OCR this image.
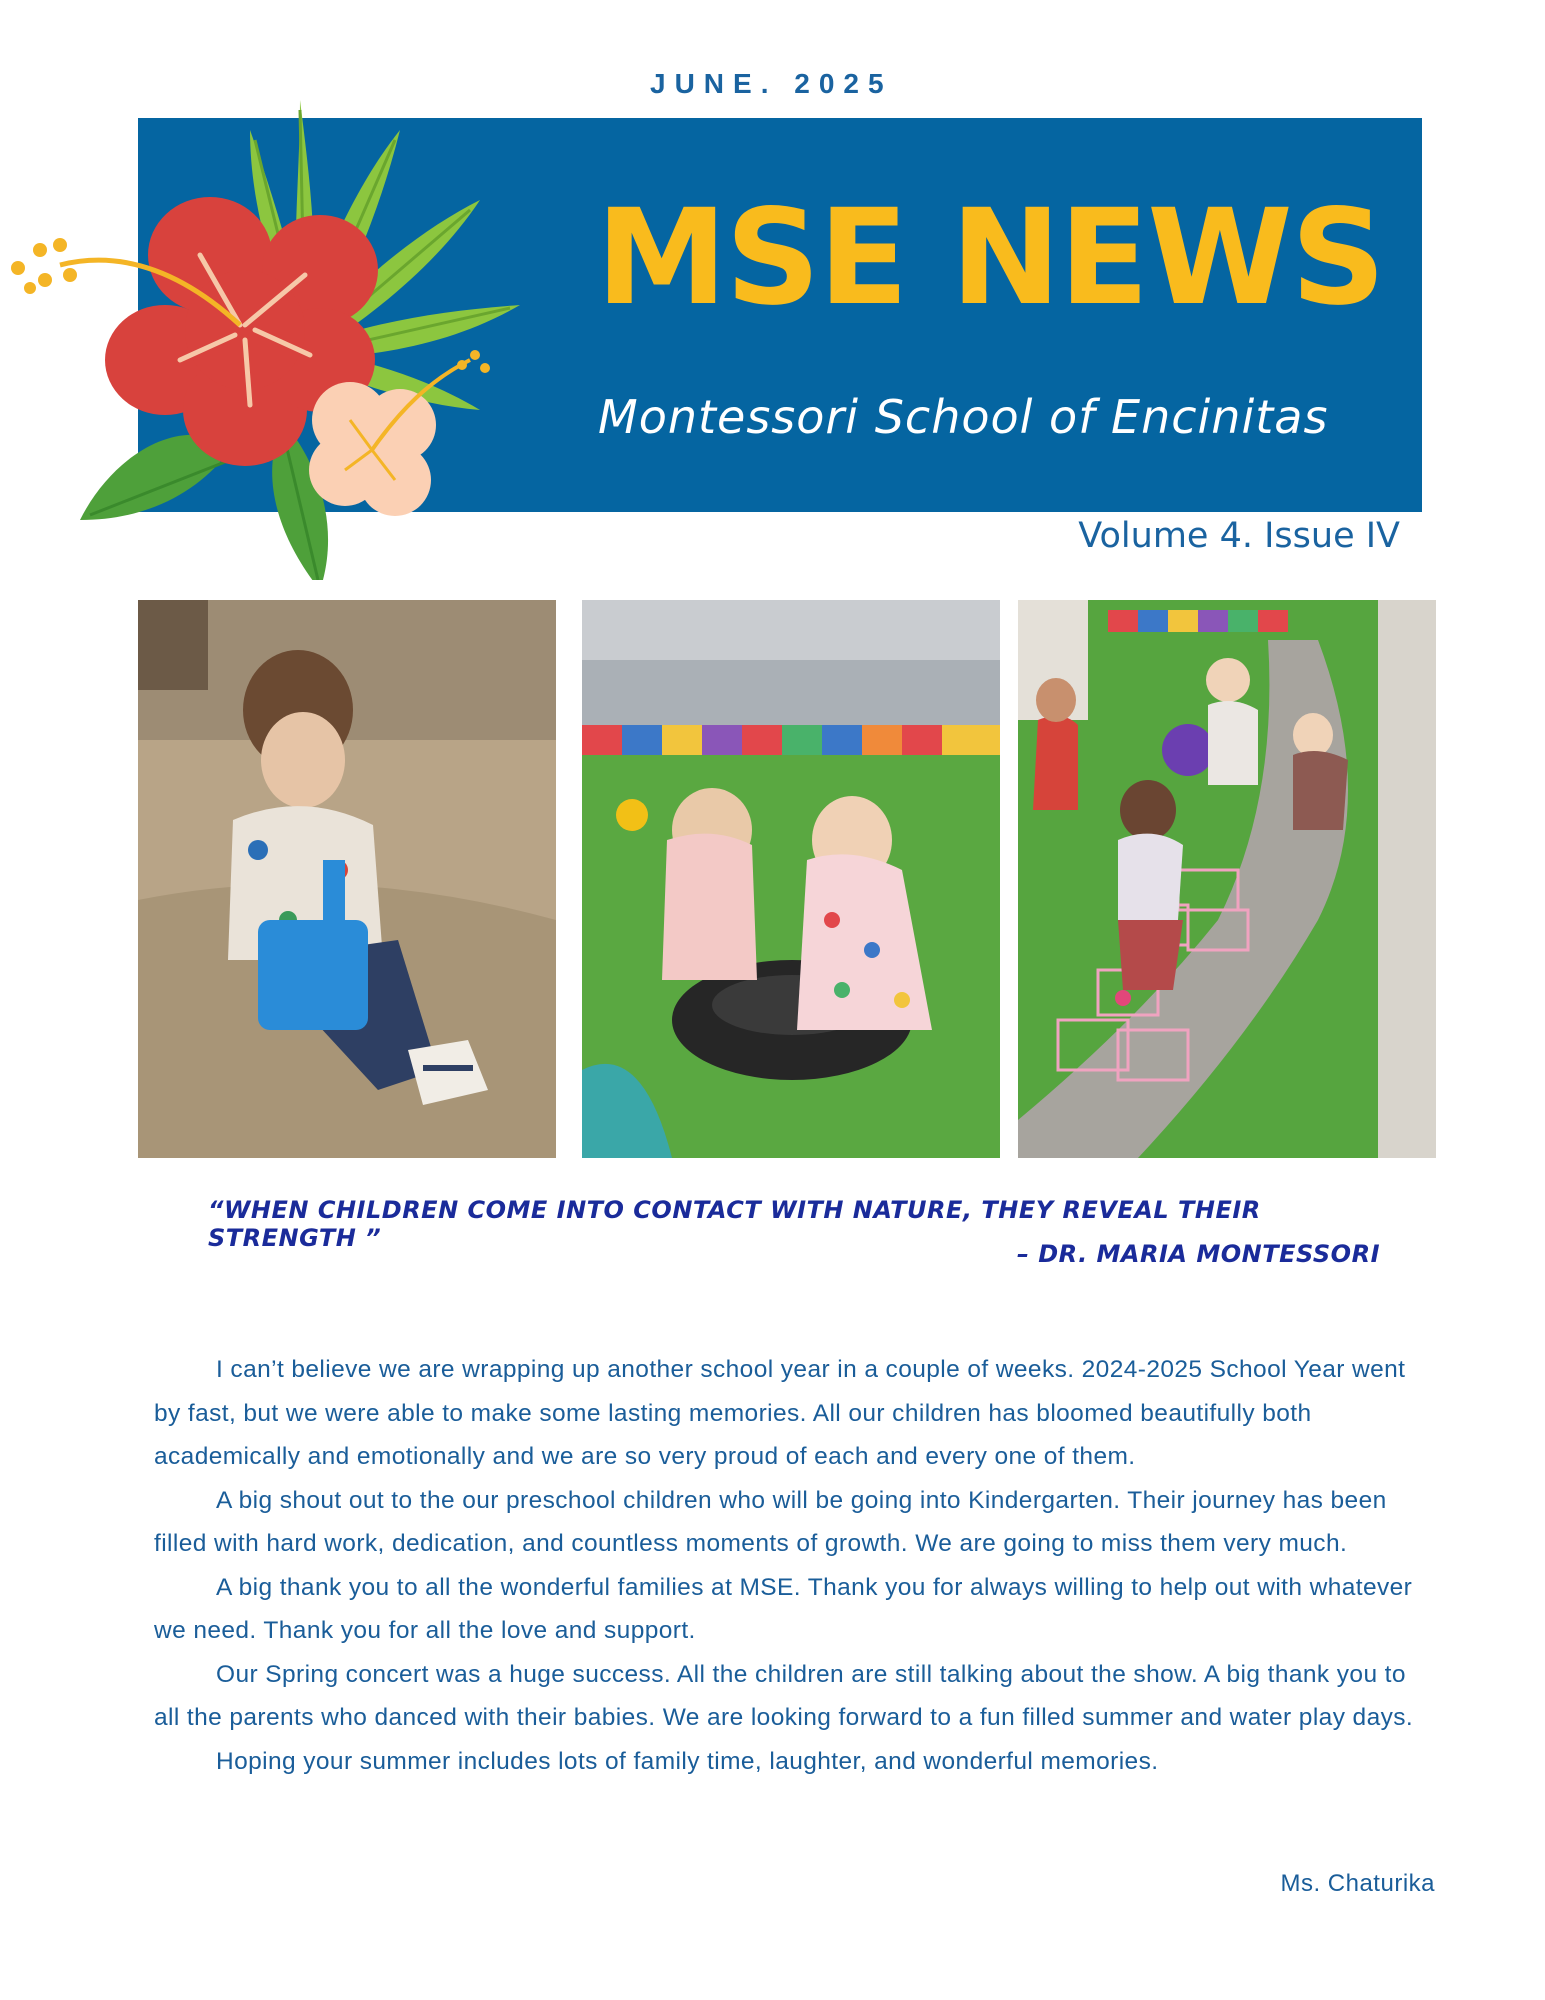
JUNE. 2025
MSE NEWS
Montessori School of Encinitas
Volume 4. Issue IV
“WHEN CHILDREN COME INTO CONTACT WITH NATURE, THEY REVEAL THEIR STRENGTH ”
– DR. MARIA MONTESSORI

I can’t believe we are wrapping up another school year in a couple of weeks. 2024-2025 School Year went by fast, but we were able to make some lasting memories. All our children has bloomed beautifully both academically and emotionally and we are so very proud of each and every one of them.

A big shout out to the our preschool children who will be going into Kindergarten. Their journey has been filled with hard work, dedication, and countless moments of growth. We are going to miss them very much.

A big thank you to all the wonderful families at MSE. Thank you for always willing to help out with whatever we need. Thank you for all the love and support.

Our Spring concert was a huge success. All the children are still talking about the show. A big thank you to all the parents who danced with their babies. We are looking forward to a fun filled summer and water play days.

Hoping your summer includes lots of family time, laughter, and wonderful memories.

Ms. Chaturika
